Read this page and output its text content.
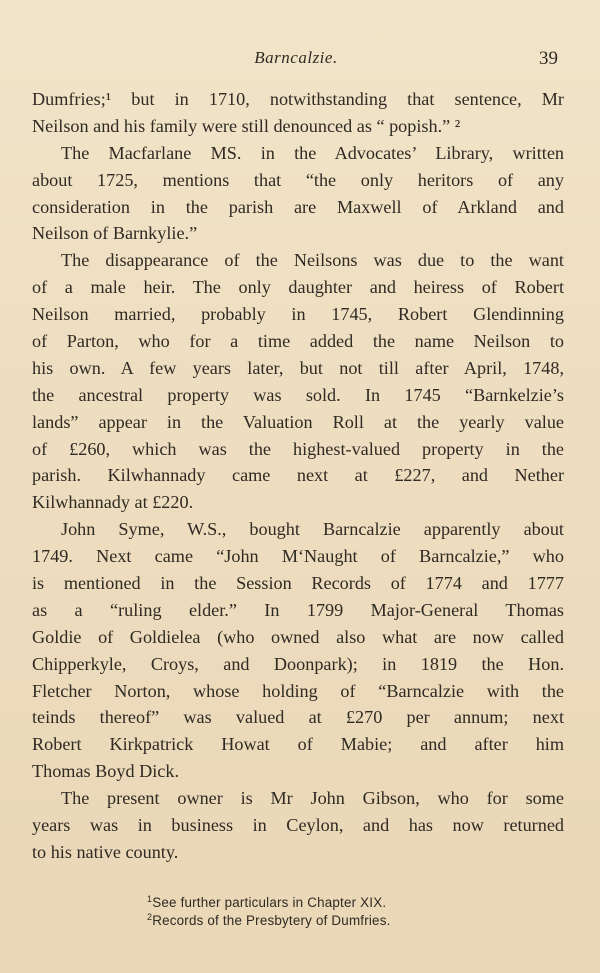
Barncalzie.	39
Dumfries;¹ but in 1710, notwithstanding that sentence, Mr
Neilson and his family were still denounced as “ popish.” ²
The Macfarlane MS. in the Advocates’ Library, written
about 1725, mentions that “the only heritors of any
consideration in the parish are Maxwell of Arkland and
Neilson of Barnkylie.”
The disappearance of the Neilsons was due to the want
of a male heir. The only daughter and heiress of Robert
Neilson married, probably in 1745, Robert Glendinning
of Parton, who for a time added the name Neilson to
his own. A few years later, but not till after April, 1748,
the ancestral property was sold. In 1745 “Barnkelzie’s
lands” appear in the Valuation Roll at the yearly value
of £260, which was the highest-valued property in the
parish. Kilwhannady came next at £227, and Nether
Kilwhannady at £220.
John Syme, W.S., bought Barncalzie apparently about
1749. Next came “John M‘Naught of Barncalzie,” who
is mentioned in the Session Records of 1774 and 1777
as a “ruling elder.” In 1799 Major-General Thomas
Goldie of Goldielea (who owned also what are now called
Chipperkyle, Croys, and Doonpark); in 1819 the Hon.
Fletcher Norton, whose holding of “Barncalzie with the
teinds thereof” was valued at £270 per annum; next
Robert Kirkpatrick Howat of Mabie; and after him
Thomas Boyd Dick.
The present owner is Mr John Gibson, who for some
years was in business in Ceylon, and has now returned
to his native county.
$^1$See further particulars in Chapter XIX.
$^2$Records of the Presbytery of Dumfries.
